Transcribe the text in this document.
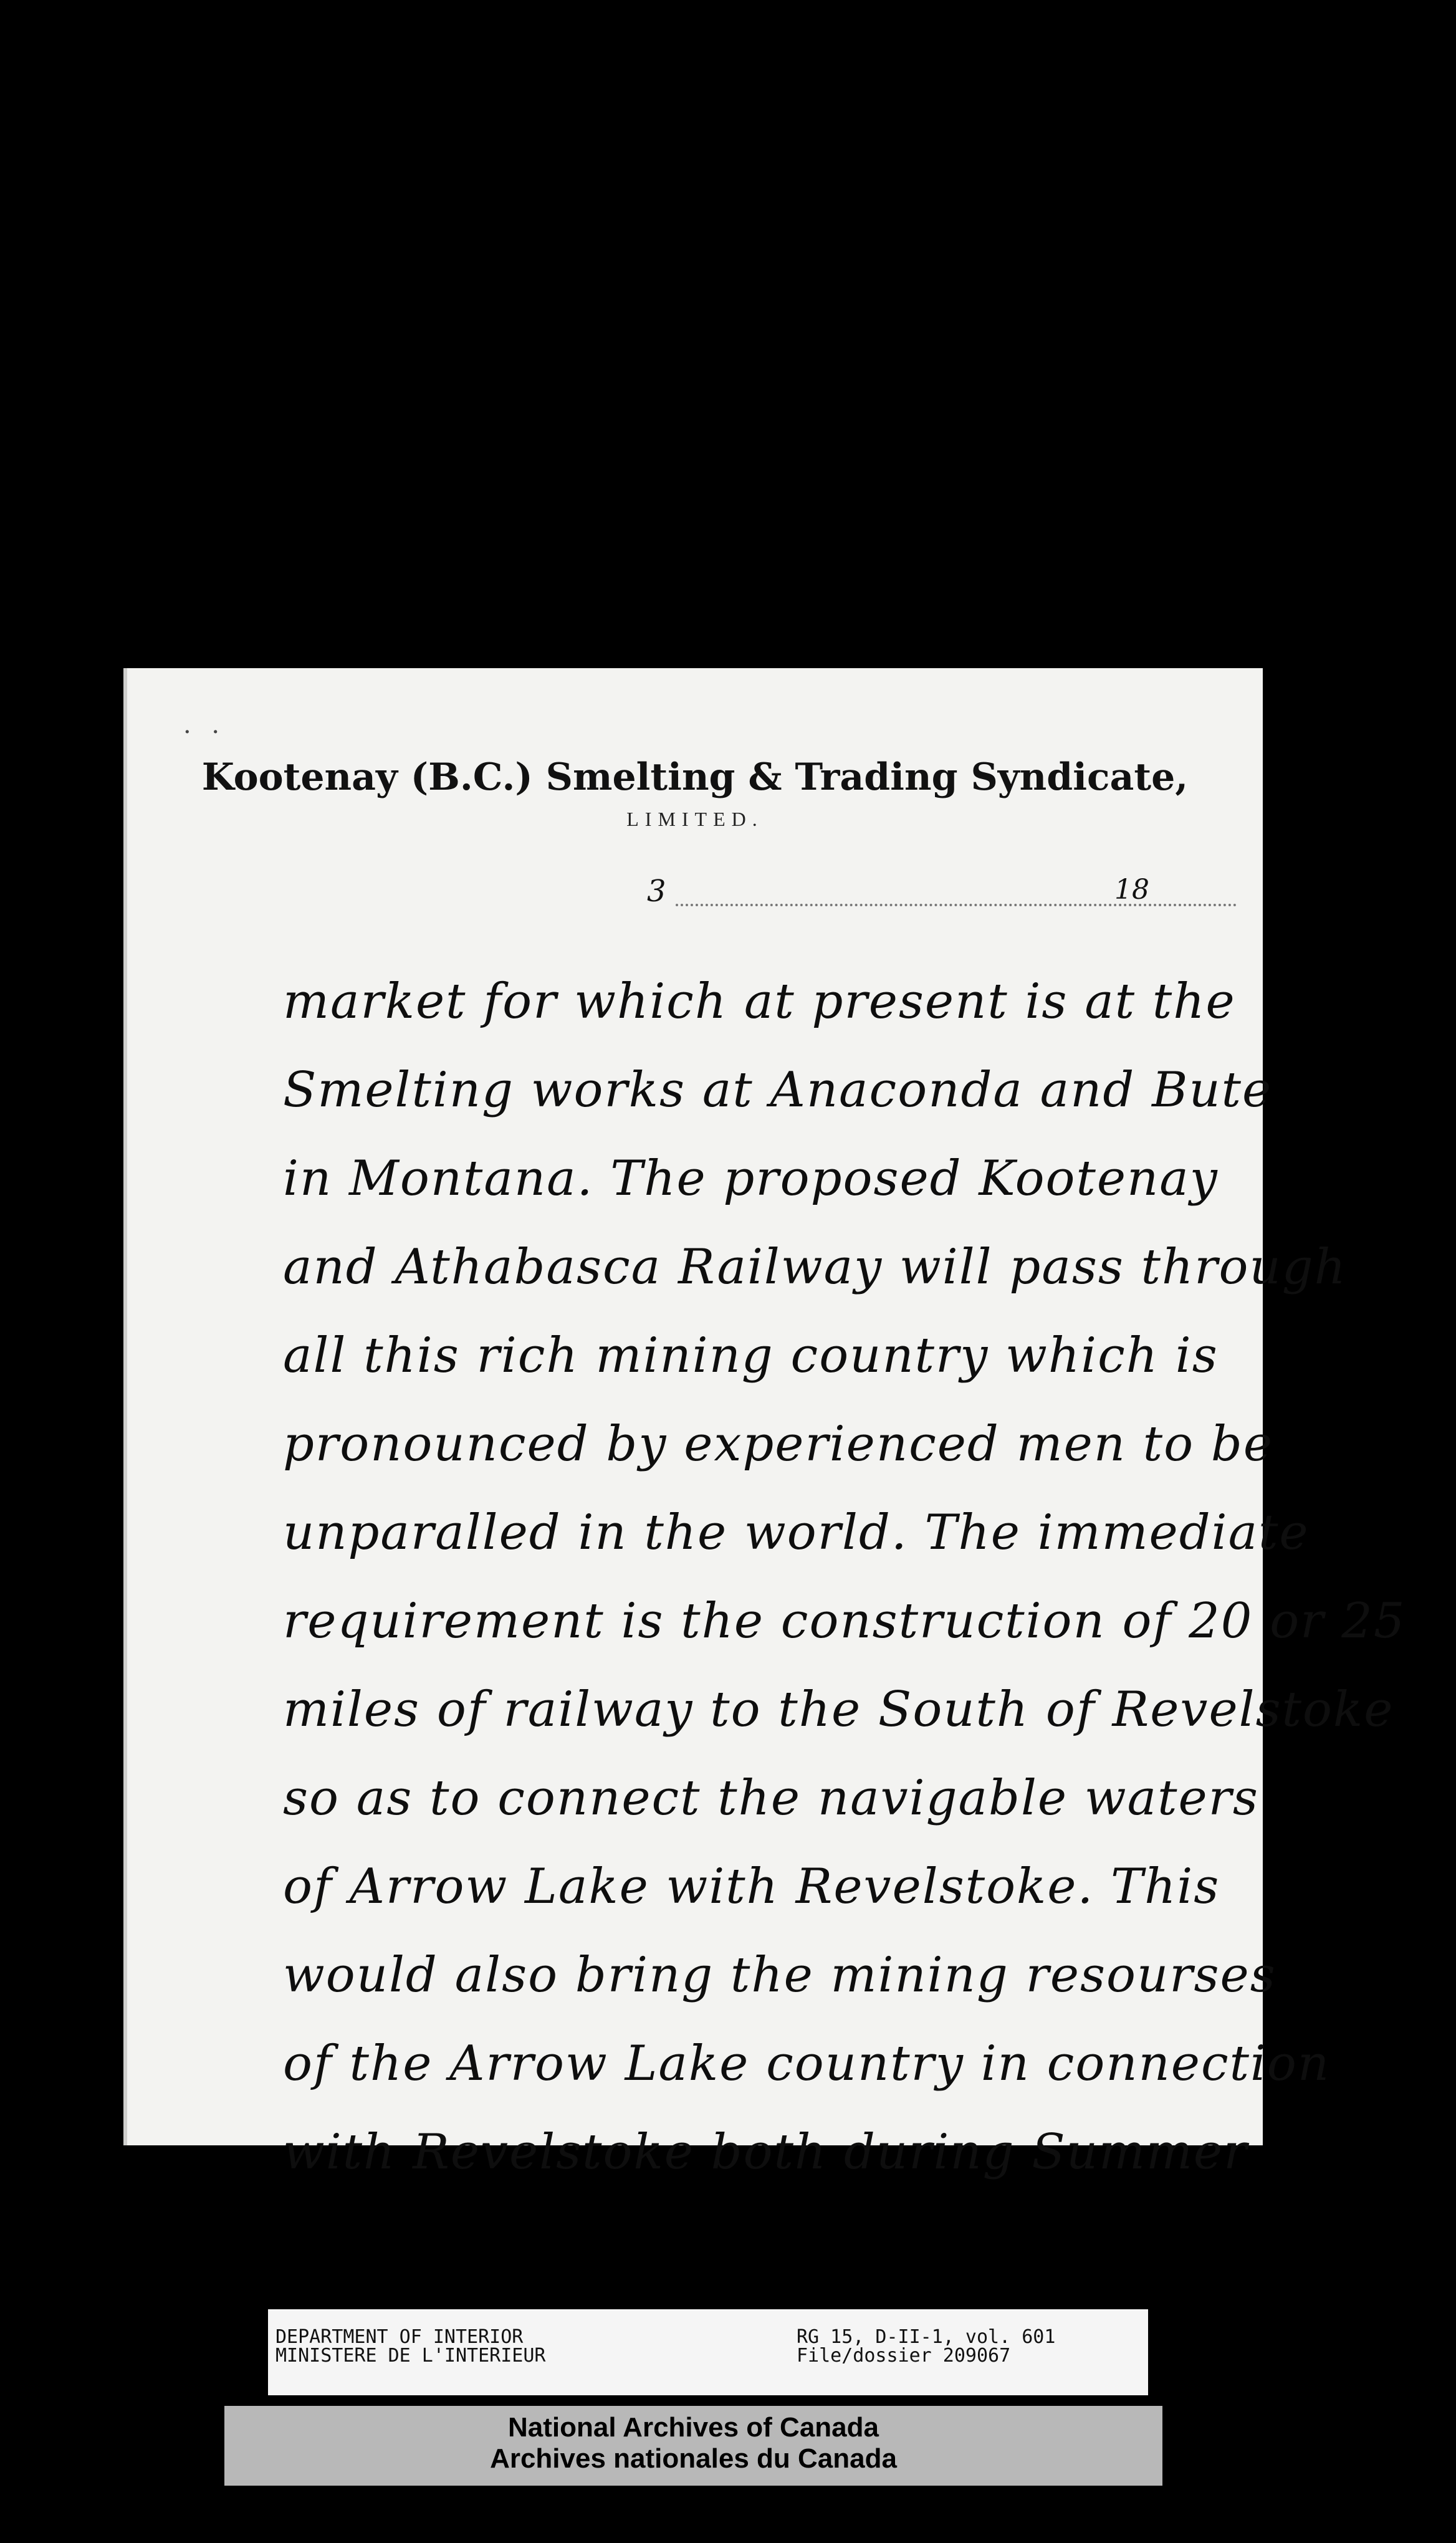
· ·
Kootenay (B.C.) Smelting & Trading Syndicate,
LIMITED.
3	18
market for which at present is at the
Smelting works at Anaconda and Bute
in Montana. The proposed Kootenay
and Athabasca Railway will pass through
all this rich mining country which is
pronounced by experienced men to be
unparalled in the world. The immediate
requirement is the construction of 20 or 25
miles of railway to the South of Revelstoke
so as to connect the navigable waters
of Arrow Lake with Revelstoke. This
would also bring the mining resourses
of the Arrow Lake country in connection
with Revelstoke both during Summer
DEPARTMENT OF INTERIOR
MINISTERE DE L'INTERIEUR
RG 15, D-II-1, vol. 601
File/dossier 209067
National Archives of Canada
Archives nationales du Canada
